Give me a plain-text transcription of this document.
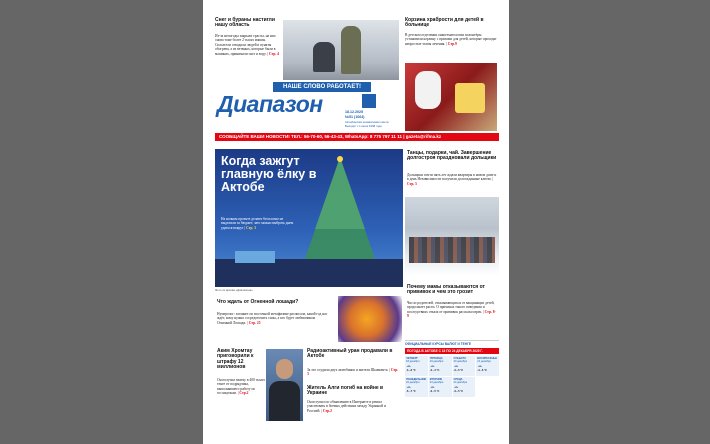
Снег и бураны настигли нашу область
Из-за непогоды закрыли трассы, на них снова тоже более 2 тысяч машин. Спасатели отводили людей в пункты обогрева, а из ветвных, которые были в машинах, принимали снег и воду. | Стр. 4
Корзина храбрости для детей в больнице
В детском отделении онкогематологии волонтёры установили корзину с призами для детей, которые проходят непростые этапы лечения. | Стр.9
НАШЕ СЛОВО РАБОТАЕТ!
Диапазон	18.12.2025
№51 (1664)
Актюбинская независимая газета. Выходит с 1 июня 1998 года
СООБЩАЙТЕ ВАШИ НОВОСТИ! ТЕЛ.: 56-70-60, 56-43-43, WhatsApp: 8 775 797 11 11 | gazeta@rifma.kz
Когда зажгут главную ёлку в Актобе
На ночном проекте делают бесплатно не выделили за бюджет, зато можно выбрать днем удаться вокруг | Стр. 3
Фото из архива «Диапазона»
Танцы, подарки, чай. Завершение долгостроя праздновали дольщики
Дольщики почти пять лет ждали квартиры в новом доме и в день Независимости получили долгожданные ключи. | Стр. 5
Что ждать от Огненной лошади?
Нумеролог: заглянет по восточной метафизике расписала, какой год нас ждёт, кому нужно сосредоточить силы, а кто будет любимчиком Огненной Лошади. | Стр. 25
Почему мамы отказываются от прививок и чем это грозит
Число родителей, отказывающихся от вакцинации детей, продолжает расти. О причинах такого поведения и последствиях отказа от прививок рассказал врач. | Стр. 8-9
Аким Хромтау приговорили к штрафу 12 миллионов
Он получил взятку в 400 тысяч тенге от подрядчика, выполнявшего работу по госзакупкам. | Стр.2
Радиоактивный уран продавали в Актобе
За это осудили двух актюбинок и жителя Шымкента. | Стр. 3
Житель Алги погиб на войне в Украине
Он вступил по объявлению в Интернете и решил участвовать в боевых действиях между Украиной и Россией. | Стр.2
ОФИЦИАЛЬНЫЕ КУРСЫ ВАЛЮТ И ТЕНГЕ
ПОГОДА В АКТОБЕ С 18 ПО 24 ДЕКАБРЯ 2025 Г.
ЧЕТВЕРГ
18 декабря
☁
-4..-6 °С
ПЯТНИЦА
19 декабря
☁
-2..-4 °С
СУББОТА
20 декабря
☁
-3..-5 °С
ВОСКРЕСЕНЬЕ
21 декабря
☁
-4..-6 °С
ПОНЕДЕЛЬНИК
22 декабря
☁
-5..-7 °С
ВТОРНИК
23 декабря
☁
-3..-5 °С
СРЕДА
24 декабря
☁
-3..-5 °С
